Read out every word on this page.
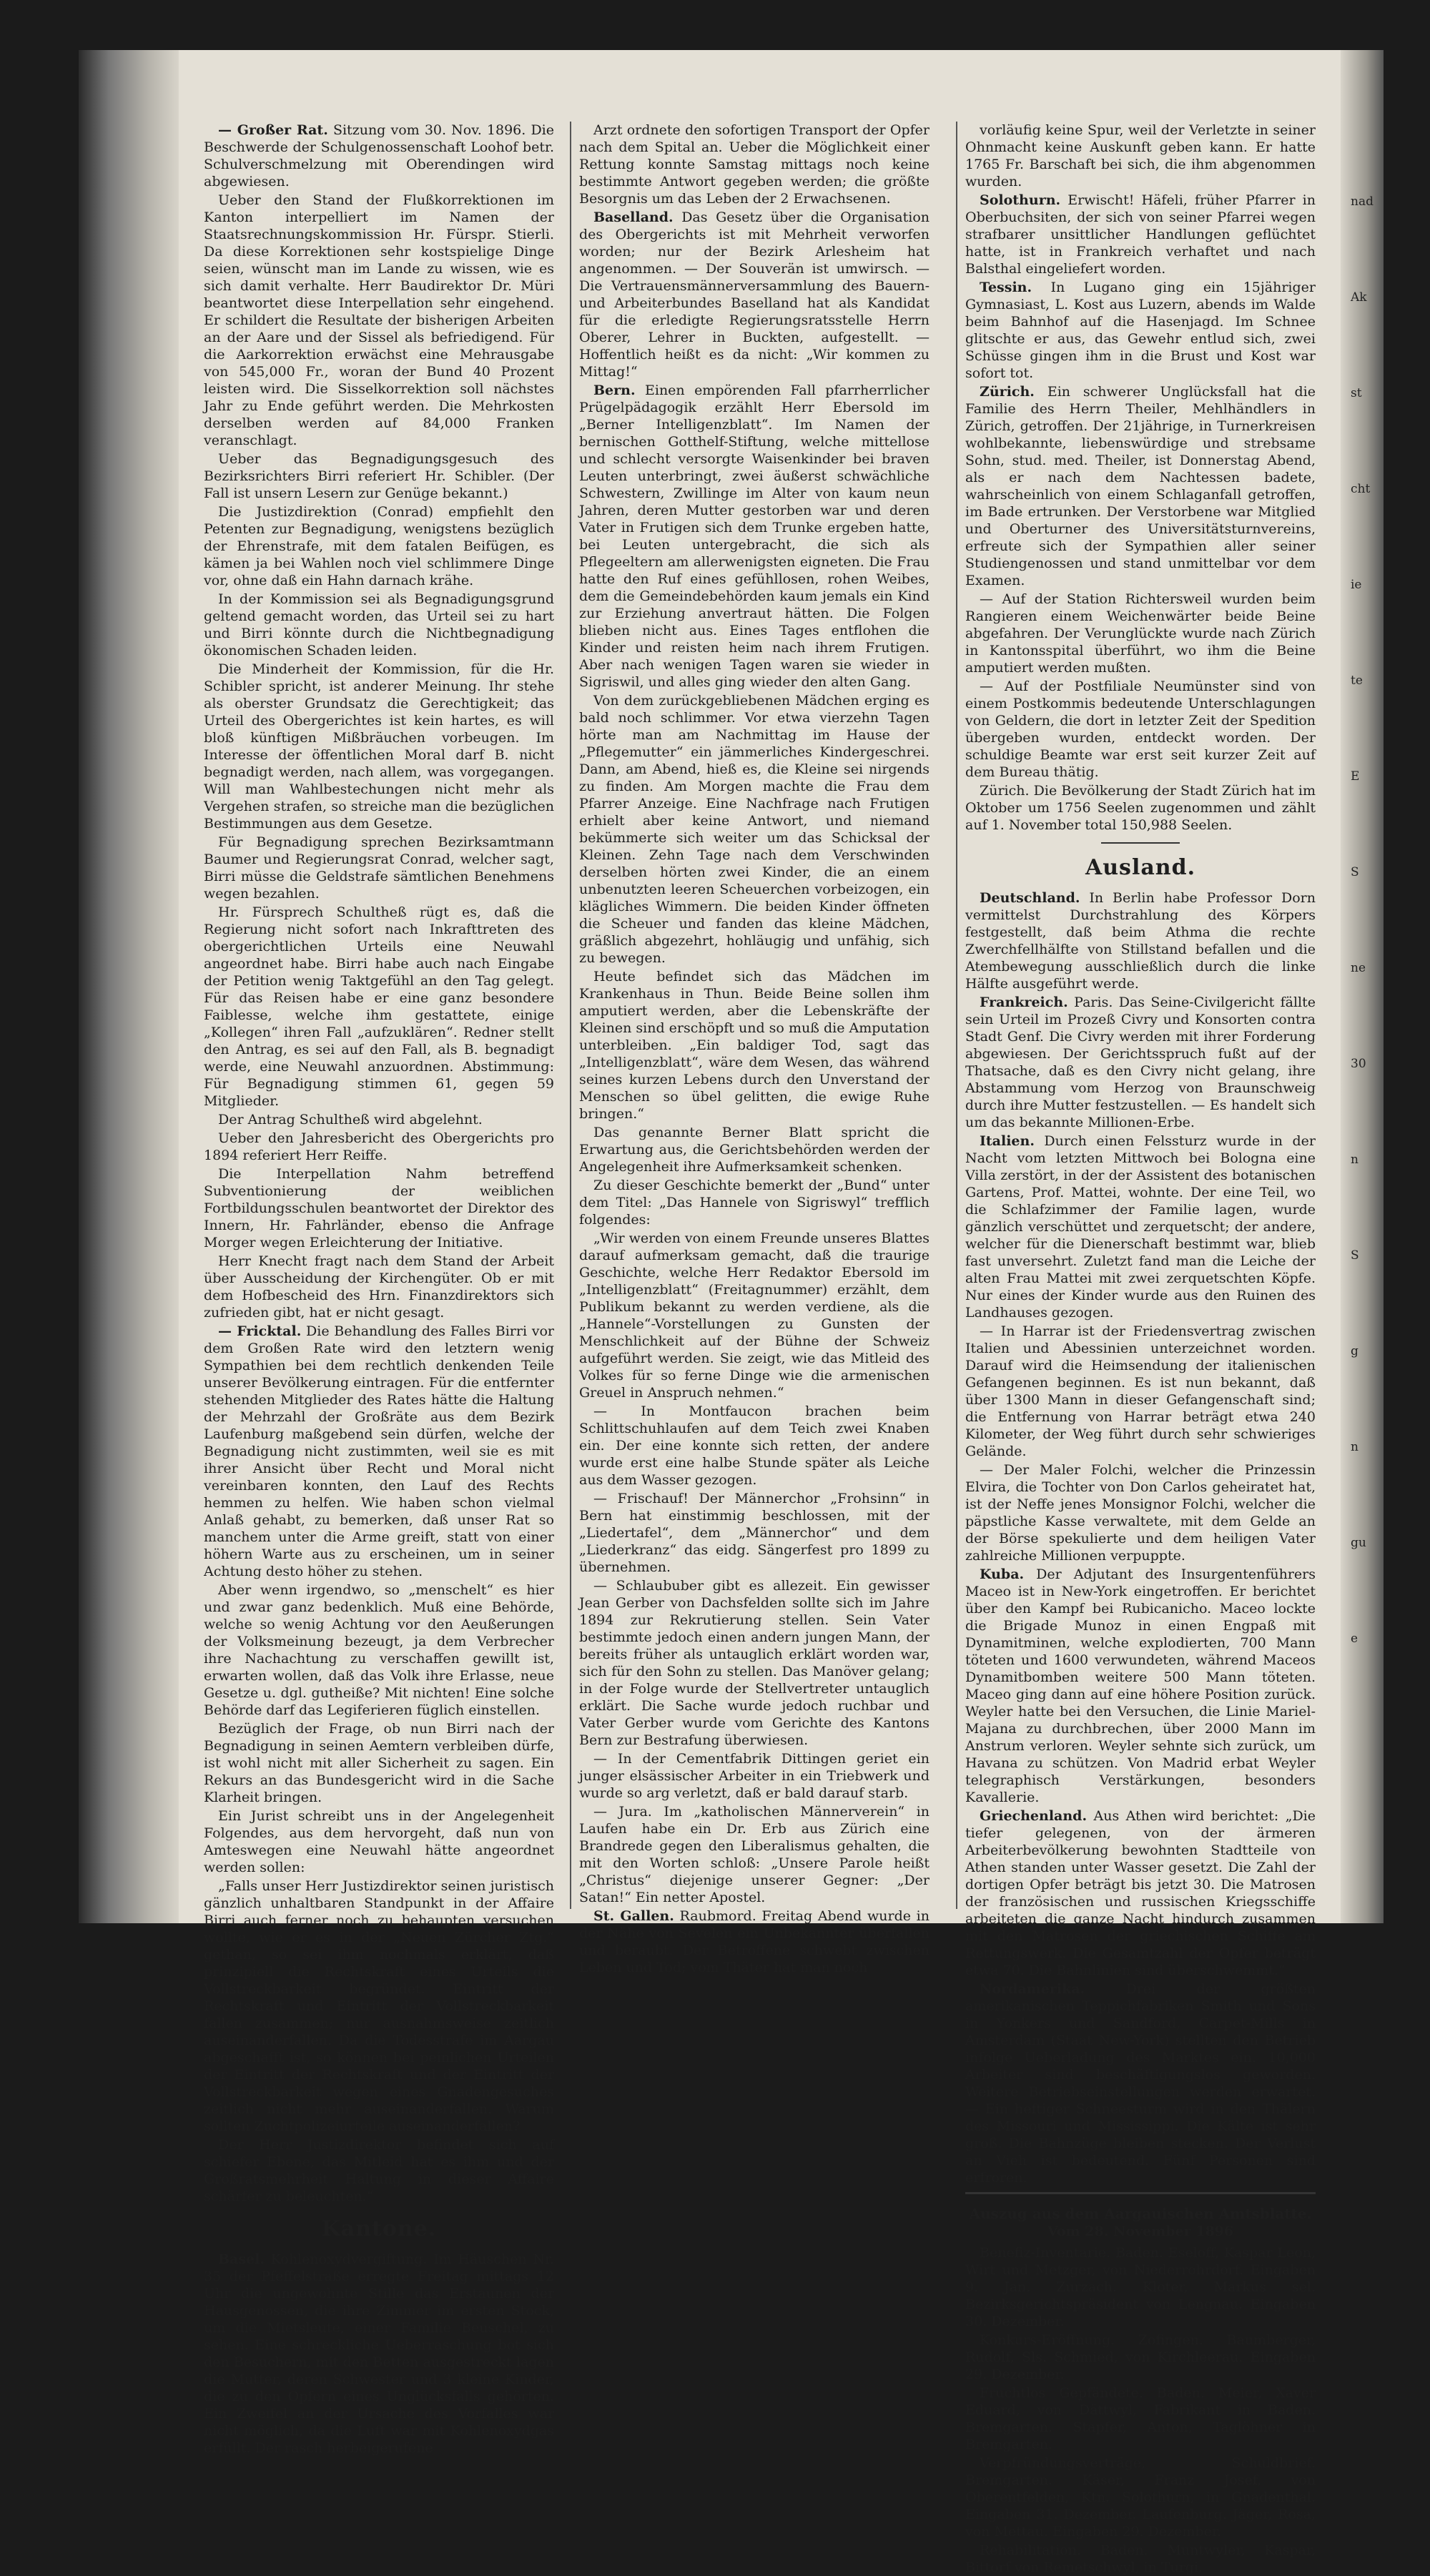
— Großer Rat. Sitzung vom 30. Nov. 1896. Die Beschwerde der Schulgenossenschaft Loohof betr. Schulverschmelzung mit Oberendingen wird abgewiesen.

Ueber den Stand der Flußkorrektionen im Kanton interpelliert im Namen der Staatsrechnungskommission Hr. Fürspr. Stierli. Da diese Korrektionen sehr kostspielige Dinge seien, wünscht man im Lande zu wissen, wie es sich damit verhalte. Herr Baudirektor Dr. Müri beantwortet diese Interpellation sehr eingehend. Er schildert die Resultate der bisherigen Arbeiten an der Aare und der Sissel als befriedigend. Für die Aarkorrektion erwächst eine Mehrausgabe von 545,000 Fr., woran der Bund 40 Prozent leisten wird. Die Sisselkorrektion soll nächstes Jahr zu Ende geführt werden. Die Mehrkosten derselben werden auf 84,000 Franken veranschlagt.

Ueber das Begnadigungsgesuch des Bezirksrichters Birri referiert Hr. Schibler. (Der Fall ist unsern Lesern zur Genüge bekannt.)

Die Justizdirektion (Conrad) empfiehlt den Petenten zur Begnadigung, wenigstens bezüglich der Ehrenstrafe, mit dem fatalen Beifügen, es kämen ja bei Wahlen noch viel schlimmere Dinge vor, ohne daß ein Hahn darnach krähe.

In der Kommission sei als Begnadigungsgrund geltend gemacht worden, das Urteil sei zu hart und Birri könnte durch die Nichtbegnadigung ökonomischen Schaden leiden.

Die Minderheit der Kommission, für die Hr. Schibler spricht, ist anderer Meinung. Ihr stehe als oberster Grundsatz die Gerechtigkeit; das Urteil des Obergerichtes ist kein hartes, es will bloß künftigen Mißbräuchen vorbeugen. Im Interesse der öffentlichen Moral darf B. nicht begnadigt werden, nach allem, was vorgegangen. Will man Wahlbestechungen nicht mehr als Vergehen strafen, so streiche man die bezüglichen Bestimmungen aus dem Gesetze.

Für Begnadigung sprechen Bezirksamtmann Baumer und Regierungsrat Conrad, welcher sagt, Birri müsse die Geldstrafe sämtlichen Benehmens wegen bezahlen.

Hr. Fürsprech Schultheß rügt es, daß die Regierung nicht sofort nach Inkrafttreten des obergerichtlichen Urteils eine Neuwahl angeordnet habe. Birri habe auch nach Eingabe der Petition wenig Taktgefühl an den Tag gelegt. Für das Reisen habe er eine ganz besondere Faiblesse, welche ihm gestattete, einige „Kollegen“ ihren Fall „aufzuklären“. Redner stellt den Antrag, es sei auf den Fall, als B. begnadigt werde, eine Neuwahl anzuordnen. Abstimmung: Für Begnadigung stimmen 61, gegen 59 Mitglieder.

Der Antrag Schultheß wird abgelehnt.

Ueber den Jahresbericht des Obergerichts pro 1894 referiert Herr Reiffe.

Die Interpellation Nahm betreffend Subventionierung der weiblichen Fortbildungsschulen beantwortet der Direktor des Innern, Hr. Fahrländer, ebenso die Anfrage Morger wegen Erleichterung der Initiative.

Herr Knecht fragt nach dem Stand der Arbeit über Ausscheidung der Kirchengüter. Ob er mit dem Hofbescheid des Hrn. Finanzdirektors sich zufrieden gibt, hat er nicht gesagt.

— Fricktal. Die Behandlung des Falles Birri vor dem Großen Rate wird den letztern wenig Sympathien bei dem rechtlich denkenden Teile unserer Bevölkerung eintragen. Für die entfernter stehenden Mitglieder des Rates hätte die Haltung der Mehrzahl der Großräte aus dem Bezirk Laufenburg maßgebend sein dürfen, welche der Begnadigung nicht zustimmten, weil sie es mit ihrer Ansicht über Recht und Moral nicht vereinbaren konnten, den Lauf des Rechts hemmen zu helfen. Wie haben schon vielmal Anlaß gehabt, zu bemerken, daß unser Rat so manchem unter die Arme greift, statt von einer höhern Warte aus zu erscheinen, um in seiner Achtung desto höher zu stehen.

Aber wenn irgendwo, so „menschelt“ es hier und zwar ganz bedenklich. Muß eine Behörde, welche so wenig Achtung vor den Aeußerungen der Volksmeinung bezeugt, ja dem Verbrecher ihre Nachachtung zu verschaffen gewillt ist, erwarten wollen, daß das Volk ihre Erlasse, neue Gesetze u. dgl. gutheiße? Mit nichten! Eine solche Behörde darf das Legiferieren füglich einstellen.

Bezüglich der Frage, ob nun Birri nach der Begnadigung in seinen Aemtern verbleiben dürfe, ist wohl nicht mit aller Sicherheit zu sagen. Ein Rekurs an das Bundesgericht wird in die Sache Klarheit bringen.

Ein Jurist schreibt uns in der Angelegenheit Folgendes, aus dem hervorgeht, daß nun von Amteswegen eine Neuwahl hätte angeordnet werden sollen:

„Falls unser Herr Justizdirektor seinen juristisch gänzlich unhaltbaren Standpunkt in der Affaire Birri auch ferner noch zu behaupten versuchen wollte, wie er es in der „Neuen Zürcher Ztg.“ gethan, so sei ihm nochmals erklärt, daß prinzipiell die Rechtskraft eines Urteils die Vollstreckbarkeit begründet. Eintritt der Rechtskraft und Eintritt der Vollstreckbarkeit fallen zusammen; nur ausnahmsweise zeitlich auseinanderfallen. Da die Todesstrafe im Aargau abgeschafft ist, so können bei peinlichen Urteilen der Eintritt der Rechtskraft und der Eintritt der Vollstreckbarkeit wegen eines Gnadengesuches zeitlich nicht mehr auseinanderfallen. Warum sollten Zuchtpolizeiurteile auseinanderfallen?

Der Herr Justizdirektor befindet sich auf schiefer Ebene, das Mitleid hat es ihm und der Großratsmehrheit Haltung in dieser Affaire schärfer zu beleuchten.“

Kantone.

Basel. Kohlenoxydvergiftung. Im Häuschen Nr. 35 der Pfeffelstraße erregte Freitag mittags 12 Uhr die ungewohnte Stille das Erstaunen der Hausgenossen, die ihre Zimmer im ersten Stock, um die Mietsleute, einer Familie Beuschel, zu sehen. Eine schreckliche Ueberraschung bot sich den Besuchern, mit den Betten ausgestreckt lagen die Mutter, deren Schwester und 3 kleine Kinder, die zu den Opfern eines Unglücksfalls gehörten. Ein Zweifel an der Ursache des Vorfalles war nicht möglich, da die Luft war mit Kohlenoxydgas erfüllt. Der rasch herbeigerufene

Arzt ordnete den sofortigen Transport der Opfer nach dem Spital an. Ueber die Möglichkeit einer Rettung konnte Samstag mittags noch keine bestimmte Antwort gegeben werden; die größte Besorgnis um das Leben der 2 Erwachsenen.

Baselland. Das Gesetz über die Organisation des Obergerichts ist mit Mehrheit verworfen worden; nur der Bezirk Arlesheim hat angenommen. — Der Souverän ist umwirsch. — Die Vertrauensmännerversammlung des Bauern- und Arbeiterbundes Baselland hat als Kandidat für die erledigte Regierungsratsstelle Herrn Oberer, Lehrer in Buckten, aufgestellt. — Hoffentlich heißt es da nicht: „Wir kommen zu Mittag!“

Bern. Einen empörenden Fall pfarrherrlicher Prügelpädagogik erzählt Herr Ebersold im „Berner Intelligenzblatt“. Im Namen der bernischen Gotthelf-Stiftung, welche mittellose und schlecht versorgte Waisenkinder bei braven Leuten unterbringt, zwei äußerst schwächliche Schwestern, Zwillinge im Alter von kaum neun Jahren, deren Mutter gestorben war und deren Vater in Frutigen sich dem Trunke ergeben hatte, bei Leuten untergebracht, die sich als Pflegeeltern am allerwenigsten eigneten. Die Frau hatte den Ruf eines gefühllosen, rohen Weibes, dem die Gemeindebehörden kaum jemals ein Kind zur Erziehung anvertraut hätten. Die Folgen blieben nicht aus. Eines Tages entflohen die Kinder und reisten heim nach ihrem Frutigen. Aber nach wenigen Tagen waren sie wieder in Sigriswil, und alles ging wieder den alten Gang.

Von dem zurückgebliebenen Mädchen erging es bald noch schlimmer. Vor etwa vierzehn Tagen hörte man am Nachmittag im Hause der „Pflegemutter“ ein jämmerliches Kindergeschrei. Dann, am Abend, hieß es, die Kleine sei nirgends zu finden. Am Morgen machte die Frau dem Pfarrer Anzeige. Eine Nachfrage nach Frutigen erhielt aber keine Antwort, und niemand bekümmerte sich weiter um das Schicksal der Kleinen. Zehn Tage nach dem Verschwinden derselben hörten zwei Kinder, die an einem unbenutzten leeren Scheuerchen vorbeizogen, ein klägliches Wimmern. Die beiden Kinder öffneten die Scheuer und fanden das kleine Mädchen, gräßlich abgezehrt, hohläugig und unfähig, sich zu bewegen.

Heute befindet sich das Mädchen im Krankenhaus in Thun. Beide Beine sollen ihm amputiert werden, aber die Lebenskräfte der Kleinen sind erschöpft und so muß die Amputation unterbleiben. „Ein baldiger Tod, sagt das „Intelligenzblatt“, wäre dem Wesen, das während seines kurzen Lebens durch den Unverstand der Menschen so übel gelitten, die ewige Ruhe bringen.“

Das genannte Berner Blatt spricht die Erwartung aus, die Gerichtsbehörden werden der Angelegenheit ihre Aufmerksamkeit schenken.

Zu dieser Geschichte bemerkt der „Bund“ unter dem Titel: „Das Hannele von Sigriswyl“ trefflich folgendes:

„Wir werden von einem Freunde unseres Blattes darauf aufmerksam gemacht, daß die traurige Geschichte, welche Herr Redaktor Ebersold im „Intelligenzblatt“ (Freitagnummer) erzählt, dem Publikum bekannt zu werden verdiene, als die „Hannele“-Vorstellungen zu Gunsten der Menschlichkeit auf der Bühne der Schweiz aufgeführt werden. Sie zeigt, wie das Mitleid des Volkes für so ferne Dinge wie die armenischen Greuel in Anspruch nehmen.“

— In Montfaucon brachen beim Schlittschuhlaufen auf dem Teich zwei Knaben ein. Der eine konnte sich retten, der andere wurde erst eine halbe Stunde später als Leiche aus dem Wasser gezogen.

— Frischauf! Der Männerchor „Frohsinn“ in Bern hat einstimmig beschlossen, mit der „Liedertafel“, dem „Männerchor“ und dem „Liederkranz“ das eidg. Sängerfest pro 1899 zu übernehmen.

— Schlaububer gibt es allezeit. Ein gewisser Jean Gerber von Dachsfelden sollte sich im Jahre 1894 zur Rekrutierung stellen. Sein Vater bestimmte jedoch einen andern jungen Mann, der bereits früher als untauglich erklärt worden war, sich für den Sohn zu stellen. Das Manöver gelang; in der Folge wurde der Stellvertreter untauglich erklärt. Die Sache wurde jedoch ruchbar und Vater Gerber wurde vom Gerichte des Kantons Bern zur Bestrafung überwiesen.

— In der Cementfabrik Dittingen geriet ein junger elsässischer Arbeiter in ein Triebwerk und wurde so arg verletzt, daß er bald darauf starb.

— Jura. Im „katholischen Männerverein“ in Laufen habe ein Dr. Erb aus Zürich eine Brandrede gegen den Liberalismus gehalten, die mit den Worten schloß: „Unsere Parole heißt „Christus“ diejenige unserer Gegner: „Der Satan!“ Ein netter Apostel.

St. Gallen. Raubmord. Freitag Abend wurde in der Nähe von Sevelen ein Unbekannter überfallen und beraubt. Der Betroffene schwebt zwischen Leben und Tod; vom Thäter hat man noch

vorläufig keine Spur, weil der Verletzte in seiner Ohnmacht keine Auskunft geben kann. Er hatte 1765 Fr. Barschaft bei sich, die ihm abgenommen wurden.

Solothurn. Erwischt! Häfeli, früher Pfarrer in Oberbuchsiten, der sich von seiner Pfarrei wegen strafbarer unsittlicher Handlungen geflüchtet hatte, ist in Frankreich verhaftet und nach Balsthal eingeliefert worden.

Tessin. In Lugano ging ein 15jähriger Gymnasiast, L. Kost aus Luzern, abends im Walde beim Bahnhof auf die Hasenjagd. Im Schnee glitschte er aus, das Gewehr entlud sich, zwei Schüsse gingen ihm in die Brust und Kost war sofort tot.

Zürich. Ein schwerer Unglücksfall hat die Familie des Herrn Theiler, Mehlhändlers in Zürich, getroffen. Der 21jährige, in Turnerkreisen wohlbekannte, liebenswürdige und strebsame Sohn, stud. med. Theiler, ist Donnerstag Abend, als er nach dem Nachtessen badete, wahrscheinlich von einem Schlaganfall getroffen, im Bade ertrunken. Der Verstorbene war Mitglied und Oberturner des Universitätsturnvereins, erfreute sich der Sympathien aller seiner Studiengenossen und stand unmittelbar vor dem Examen.

— Auf der Station Richtersweil wurden beim Rangieren einem Weichenwärter beide Beine abgefahren. Der Verunglückte wurde nach Zürich in Kantonsspital überführt, wo ihm die Beine amputiert werden mußten.

— Auf der Postfiliale Neumünster sind von einem Postkommis bedeutende Unterschlagungen von Geldern, die dort in letzter Zeit der Spedition übergeben wurden, entdeckt worden. Der schuldige Beamte war erst seit kurzer Zeit auf dem Bureau thätig.

Zürich. Die Bevölkerung der Stadt Zürich hat im Oktober um 1756 Seelen zugenommen und zählt auf 1. November total 150,988 Seelen.

Ausland.

Deutschland. In Berlin habe Professor Dorn vermittelst Durchstrahlung des Körpers festgestellt, daß beim Athma die rechte Zwerchfellhälfte von Stillstand befallen und die Atembewegung ausschließlich durch die linke Hälfte ausgeführt werde.

Frankreich. Paris. Das Seine-Civilgericht fällte sein Urteil im Prozeß Civry und Konsorten contra Stadt Genf. Die Civry werden mit ihrer Forderung abgewiesen. Der Gerichtsspruch fußt auf der Thatsache, daß es den Civry nicht gelang, ihre Abstammung vom Herzog von Braunschweig durch ihre Mutter festzustellen. — Es handelt sich um das bekannte Millionen-Erbe.

Italien. Durch einen Felssturz wurde in der Nacht vom letzten Mittwoch bei Bologna eine Villa zerstört, in der der Assistent des botanischen Gartens, Prof. Mattei, wohnte. Der eine Teil, wo die Schlafzimmer der Familie lagen, wurde gänzlich verschüttet und zerquetscht; der andere, welcher für die Dienerschaft bestimmt war, blieb fast unversehrt. Zuletzt fand man die Leiche der alten Frau Mattei mit zwei zerquetschten Köpfe. Nur eines der Kinder wurde aus den Ruinen des Landhauses gezogen.

— In Harrar ist der Friedensvertrag zwischen Italien und Abessinien unterzeichnet worden. Darauf wird die Heimsendung der italienischen Gefangenen beginnen. Es ist nun bekannt, daß über 1300 Mann in dieser Gefangenschaft sind; die Entfernung von Harrar beträgt etwa 240 Kilometer, der Weg führt durch sehr schwieriges Gelände.

— Der Maler Folchi, welcher die Prinzessin Elvira, die Tochter von Don Carlos geheiratet hat, ist der Neffe jenes Monsignor Folchi, welcher die päpstliche Kasse verwaltete, mit dem Gelde an der Börse spekulierte und dem heiligen Vater zahlreiche Millionen verpuppte.

Kuba. Der Adjutant des Insurgentenführers Maceo ist in New-York eingetroffen. Er berichtet über den Kampf bei Rubicanicho. Maceo lockte die Brigade Munoz in einen Engpaß mit Dynamitminen, welche explodierten, 700 Mann töteten und 1600 verwundeten, während Maceos Dynamitbomben weitere 500 Mann töteten. Maceo ging dann auf eine höhere Position zurück. Weyler hatte bei den Versuchen, die Linie Mariel-Majana zu durchbrechen, über 2000 Mann im Anstrum verloren. Weyler sehnte sich zurück, um Havana zu schützen. Von Madrid erbat Weyler telegraphisch Verstärkungen, besonders Kavallerie.

Griechenland. Aus Athen wird berichtet: „Die tiefer gelegenen, von der ärmeren Arbeiterbevölkerung bewohnten Stadtteile von Athen standen unter Wasser gesetzt. Die Zahl der dortigen Opfer beträgt bis jetzt 30. Die Matrosen der französischen und russischen Kriegsschiffe arbeiteten die ganze Nacht hindurch zusammen mit den Matrosen der griechischen Schiffe am Rettungswerk. Die Gesamtzahl der Opfer beträgt etwa 70. Die Bahnlinien sind überschwemmt.“

Nordamerika.	Drei der größten amerikanischen Teppichfabriken Smith und Sons in Yonkers und Sandford, Carpet-Mills in Amsterdam (Staat New-York) stellten den Betrieb infolge Ueberladung des Marktes ein. 10,000 Arbeiter sind beschäftigungslos geworden. Weitere Betriebseinstellungen werden erwartet. — Ein heftiger Schneesturm wird in den Thälern des Missouri und Mississippi. Die Kälte ist sehr groß. Die Bahnzüge bleiben stecken. Der Verlust an Vieh ist bedeutend. Fünf Personen sind erfroren.

Auszug aus dem Aargauischen Amtsblatte.
Vom 28. November 1896

Benefiz-Inventarie. Baden. Eseloff, Kaspar Leon, Wirt und Metzger, von Niederrohrdorf. Eingaben 9. Jan. Zurzach. Kloter, Markus sel. Bezirksgerichtspräsident von Lengnau. Eingaben 30. Dezember.

Konkurs-Eröffnung. Zofingen. Baumberger, Rudolf, Sls. Schmied, von Kirchleerau. Eingaben 29. Dezember.

Fruchtlos Gepfändete. Baden. Meier, Xaver Eduard, von Dättwyl, Fabrikant in Baden. Bremgarten. Stapfer, Anton, Taglöhner in Bremgarten.

Verpfründungsverträge, Schuldbrief. Bremgarten. Käser, Franz Josef, von Oberentfelden, Ktn. Solothurn, in Gnadenthal. Eingaben 31. Dezember. Laufenburg. Jäger, Rosa, von Mettau. Eingaben 29. Dezember.

Rehabilitation. Baden. Muntwyler, Kaspar, Bittorf von Remetschwyl, in Turgi.

nad
Ak
st
cht
ie
te
E
S
ne
30
n
S
g
n
gu
e
